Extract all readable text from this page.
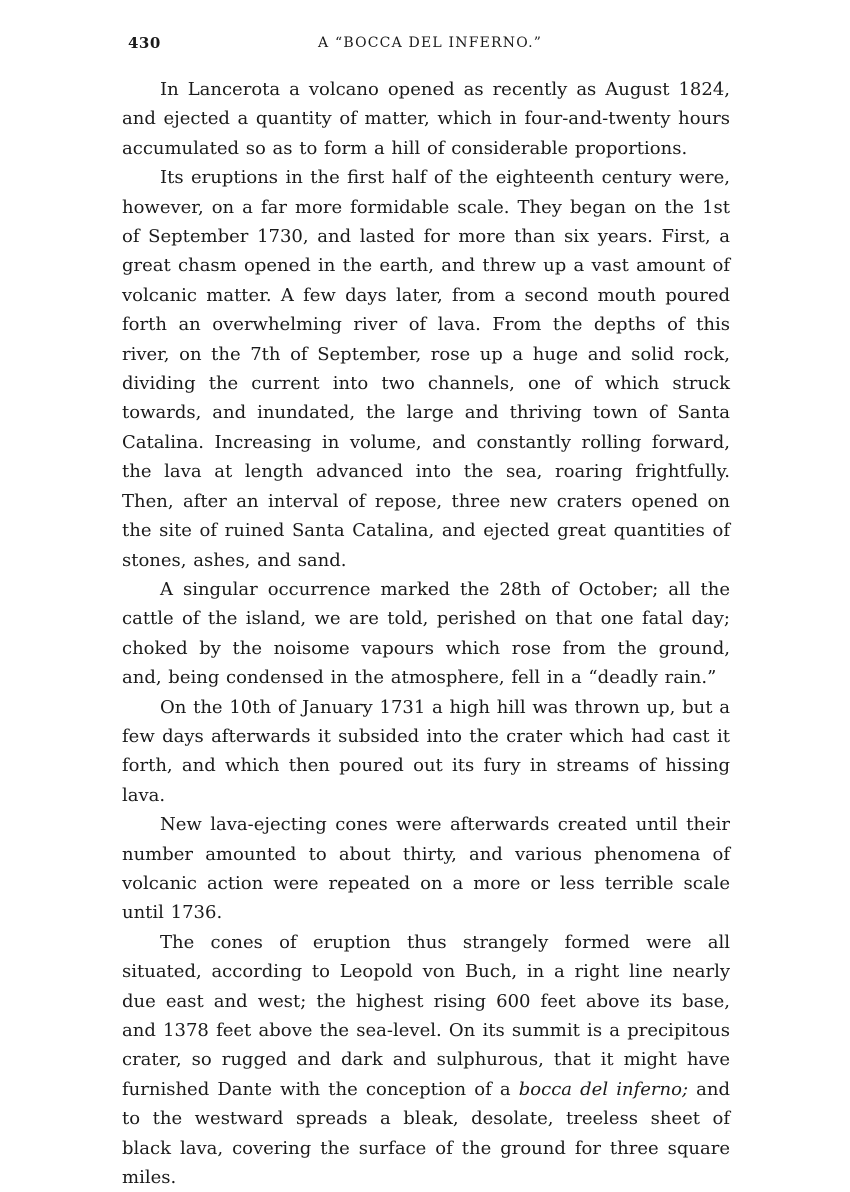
430	A “BOCCA DEL INFERNO.”

In Lancerota a volcano opened as recently as August 1824, and ejected a quantity of matter, which in four-and-twenty hours accumulated so as to form a hill of considerable proportions.

Its eruptions in the first half of the eighteenth century were, however, on a far more formidable scale. They began on the 1st of September 1730, and lasted for more than six years. First, a great chasm opened in the earth, and threw up a vast amount of volcanic matter. A few days later, from a second mouth poured forth an overwhelming river of lava. From the depths of this river, on the 7th of September, rose up a huge and solid rock, dividing the current into two channels, one of which struck towards, and inundated, the large and thriving town of Santa Catalina. Increasing in volume, and constantly rolling forward, the lava at length advanced into the sea, roaring frightfully. Then, after an interval of repose, three new craters opened on the site of ruined Santa Catalina, and ejected great quantities of stones, ashes, and sand.

A singular occurrence marked the 28th of October; all the cattle of the island, we are told, perished on that one fatal day; choked by the noisome vapours which rose from the ground, and, being condensed in the atmosphere, fell in a “deadly rain.”

On the 10th of January 1731 a high hill was thrown up, but a few days afterwards it subsided into the crater which had cast it forth, and which then poured out its fury in streams of hissing lava.

New lava-ejecting cones were afterwards created until their number amounted to about thirty, and various phenomena of volcanic action were repeated on a more or less terrible scale until 1736.

The cones of eruption thus strangely formed were all situated, according to Leopold von Buch, in a right line nearly due east and west; the highest rising 600 feet above its base, and 1378 feet above the sea-level. On its summit is a precipitous crater, so rugged and dark and sulphurous, that it might have furnished Dante with the conception of a bocca del inferno; and to the westward spreads a bleak, desolate, treeless sheet of black lava, covering the surface of the ground for three square miles.
